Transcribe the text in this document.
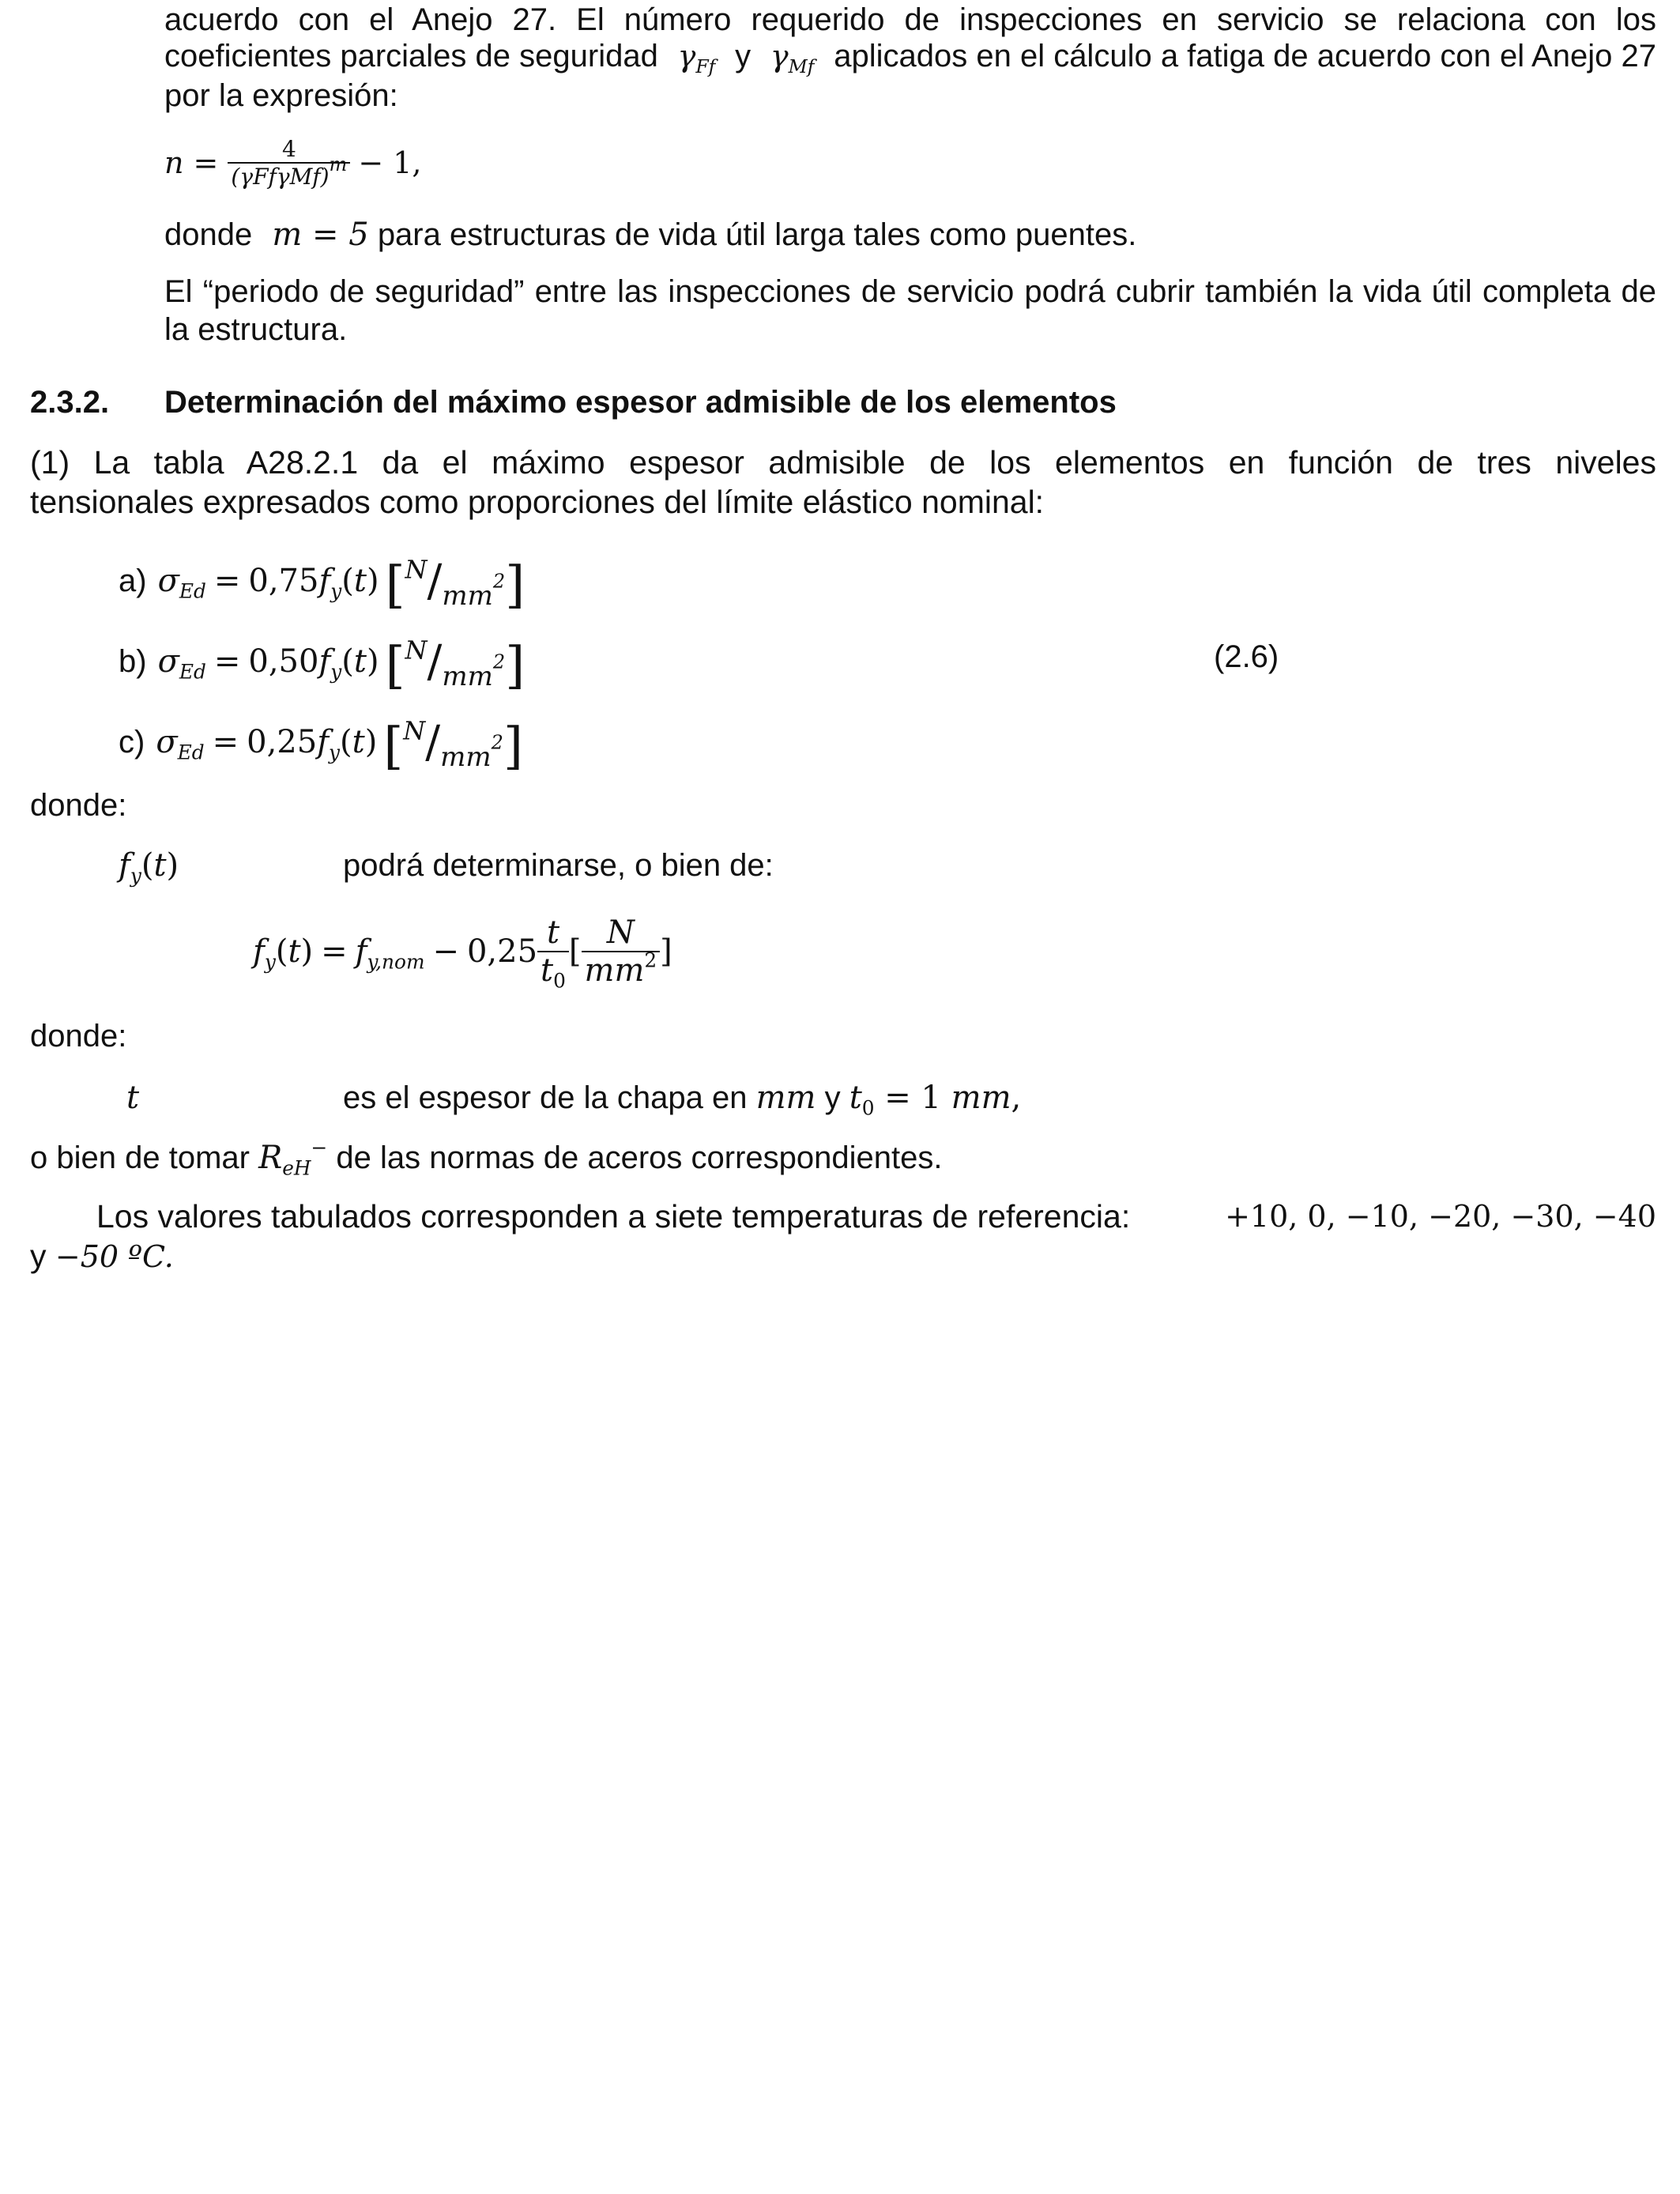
acuerdo con el Anejo 27. El número requerido de inspecciones en servicio se relaciona con los
coeficientes parciales de seguridad $\gamma_{Ff}$ y $\gamma_{Mf}$ aplicados en el cálculo a fatiga de acuerdo con el Anejo 27
por la expresión:
$n = \frac{4}{(\gamma Ff\gamma Mf)^m} - 1$,
donde m = 5 para estructuras de vida útil larga tales como puentes.
El “periodo de seguridad” entre las inspecciones de servicio podrá cubrir también la vida útil completa de
la estructura.
2.3.2. Determinación del máximo espesor admisible de los elementos
(1) La tabla A28.2.1 da el máximo espesor admisible de los elementos en función de tres niveles
tensionales expresados como proporciones del límite elástico nominal:
a) $\sigma_{Ed} = 0,75$ $f_y$ ( t ) $[^N/_{mm^2}]$
b) $\sigma_{Ed} = 0,50$ $f_y$ ( t ) $[^N/_{mm^2}]$
c) $\sigma_{Ed} = 0,25$ $f_y$ ( t ) $[^N/_{mm^2}]$
(2.6)
donde:
$f_y(t)$	podrá determinarse, o bien de:
$f_y$ ( t ) = $f_{y,nom} - 0,25 \frac{t}{t_0}$ [ $\frac{N}{mm^2}$ ]
donde:
t	es el espesor de la chapa en mm y $t_0 = 1$ mm,
o bien de tomar $R_{eH}^-$ de las normas de aceros correspondientes.
Los valores tabulados corresponden a siete temperaturas de referencia:	+10, 0, −10, −20, −30, −40
y −50 ºC.
